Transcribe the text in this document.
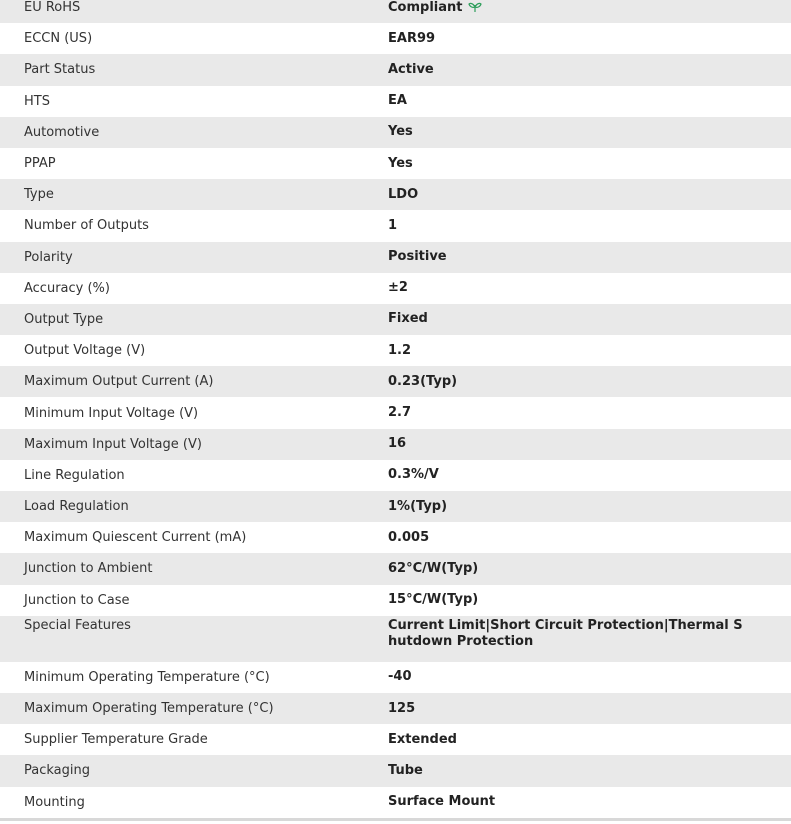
EU RoHS	Compliant
ECCN (US)	EAR99
Part Status	Active
HTS	EA
Automotive	Yes
PPAP	Yes
Type	LDO
Number of Outputs	1
Polarity	Positive
Accuracy (%)	±2
Output Type	Fixed
Output Voltage (V)	1.2
Maximum Output Current (A)	0.23(Typ)
Minimum Input Voltage (V)	2.7
Maximum Input Voltage (V)	16
Line Regulation	0.3%/V
Load Regulation	1%(Typ)
Maximum Quiescent Current (mA)	0.005
Junction to Ambient	62°C/W(Typ)
Junction to Case	15°C/W(Typ)
Special Features	Current Limit|Short Circuit Protection|Thermal Shutdown Protection
Minimum Operating Temperature (°C)	-40
Maximum Operating Temperature (°C)	125
Supplier Temperature Grade	Extended
Packaging	Tube
Mounting	Surface Mount
